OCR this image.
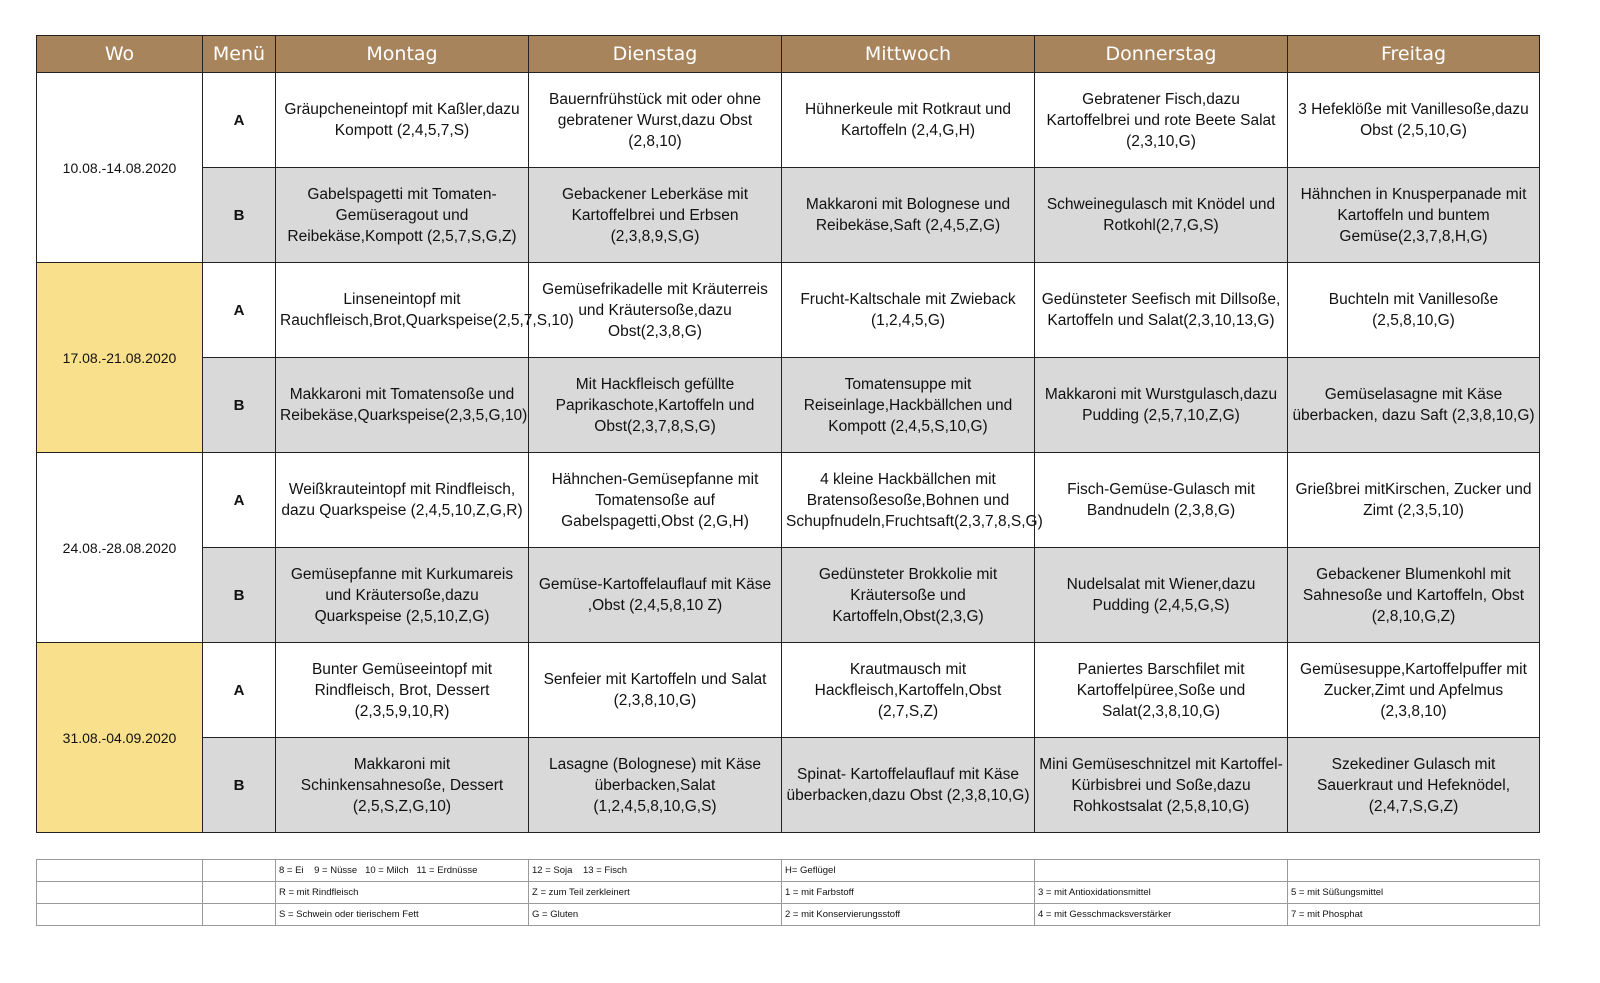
Wo	Menü	Montag	Dienstag	Mittwoch	Donnerstag	Freitag
10.08.-14.08.2020	A	Gräupcheneintopf mit Kaßler,dazu Kompott (2,4,5,7,S)	Bauernfrühstück mit oder ohne gebratener Wurst,dazu Obst (2,8,10)	Hühnerkeule mit Rotkraut und Kartoffeln (2,4,G,H)	Gebratener Fisch,dazu Kartoffelbrei und rote Beete Salat (2,3,10,G)	3 Hefeklöße mit Vanillesoße,dazu Obst (2,5,10,G)
	B	Gabelspagetti mit Tomaten-Gemüseragout und Reibekäse,Kompott (2,5,7,S,G,Z)	Gebackener Leberkäse mit Kartoffelbrei und Erbsen (2,3,8,9,S,G)	Makkaroni mit Bolognese und Reibekäse,Saft (2,4,5,Z,G)	Schweinegulasch mit Knödel und Rotkohl(2,7,G,S)	Hähnchen in Knusperpanade mit Kartoffeln und buntem Gemüse(2,3,7,8,H,G)
17.08.-21.08.2020	A	Linseneintopf mit Rauchfleisch,Brot,Quarkspeise(2,5,7,S,10)	Gemüsefrikadelle mit Kräuterreis und Kräutersoße,dazu Obst(2,3,8,G)	Frucht-Kaltschale mit Zwieback (1,2,4,5,G)	Gedünsteter Seefisch mit Dillsoße, Kartoffeln und Salat(2,3,10,13,G)	Buchteln mit Vanillesoße (2,5,8,10,G)
	B	Makkaroni mit Tomatensoße und Reibekäse,Quarkspeise(2,3,5,G,10)	Mit Hackfleisch gefüllte Paprikaschote,Kartoffeln und Obst(2,3,7,8,S,G)	Tomatensuppe mit Reiseinlage,Hackbällchen und Kompott (2,4,5,S,10,G)	Makkaroni mit Wurstgulasch,dazu Pudding (2,5,7,10,Z,G)	Gemüselasagne mit Käse überbacken, dazu Saft (2,3,8,10,G)
24.08.-28.08.2020	A	Weißkrauteintopf mit Rindfleisch, dazu Quarkspeise (2,4,5,10,Z,G,R)	Hähnchen-Gemüsepfanne mit Tomatensoße auf Gabelspagetti,Obst (2,G,H)	4 kleine Hackbällchen mit Bratensoßesoße,Bohnen und Schupfnudeln,Fruchtsaft(2,3,7,8,S,G)	Fisch-Gemüse-Gulasch mit Bandnudeln (2,3,8,G)	Grießbrei mitKirschen, Zucker und Zimt (2,3,5,10)
	B	Gemüsepfanne mit Kurkumareis und Kräutersoße,dazu Quarkspeise (2,5,10,Z,G)	Gemüse-Kartoffelauflauf mit Käse ,Obst (2,4,5,8,10 Z)	Gedünsteter Brokkolie mit Kräutersoße und Kartoffeln,Obst(2,3,G)	Nudelsalat mit Wiener,dazu Pudding (2,4,5,G,S)	Gebackener Blumenkohl mit Sahnesoße und Kartoffeln, Obst (2,8,10,G,Z)
31.08.-04.09.2020	A	Bunter Gemüseeintopf mit Rindfleisch, Brot, Dessert (2,3,5,9,10,R)	Senfeier mit Kartoffeln und Salat (2,3,8,10,G)	Krautmausch mit Hackfleisch,Kartoffeln,Obst (2,7,S,Z)	Paniertes Barschfilet mit Kartoffelpüree,Soße und Salat(2,3,8,10,G)	Gemüsesuppe,Kartoffelpuffer mit Zucker,Zimt und Apfelmus (2,3,8,10)
	B	Makkaroni mit Schinkensahnesoße, Dessert (2,5,S,Z,G,10)	Lasagne (Bolognese) mit Käse überbacken,Salat (1,2,4,5,8,10,G,S)	Spinat- Kartoffelauflauf mit Käse überbacken,dazu Obst (2,3,8,10,G)	Mini Gemüseschnitzel mit Kartoffel-Kürbisbrei und Soße,dazu Rohkostsalat (2,5,8,10,G)	Szekediner Gulasch mit Sauerkraut und Hefeknödel, (2,4,7,S,G,Z)
		8 = Ei    9 = Nüsse   10 = Milch   11 = Erdnüsse	12 = Soja    13 = Fisch	H= Geflügel		
		R = mit Rindfleisch	Z = zum Teil zerkleinert	1 = mit Farbstoff	3 = mit Antioxidationsmittel	5 = mit Süßungsmittel
		S = Schwein oder tierischem Fett	G = Gluten	2 = mit Konservierungsstoff	4 = mit Gesschmacksverstärker	7 = mit Phosphat
